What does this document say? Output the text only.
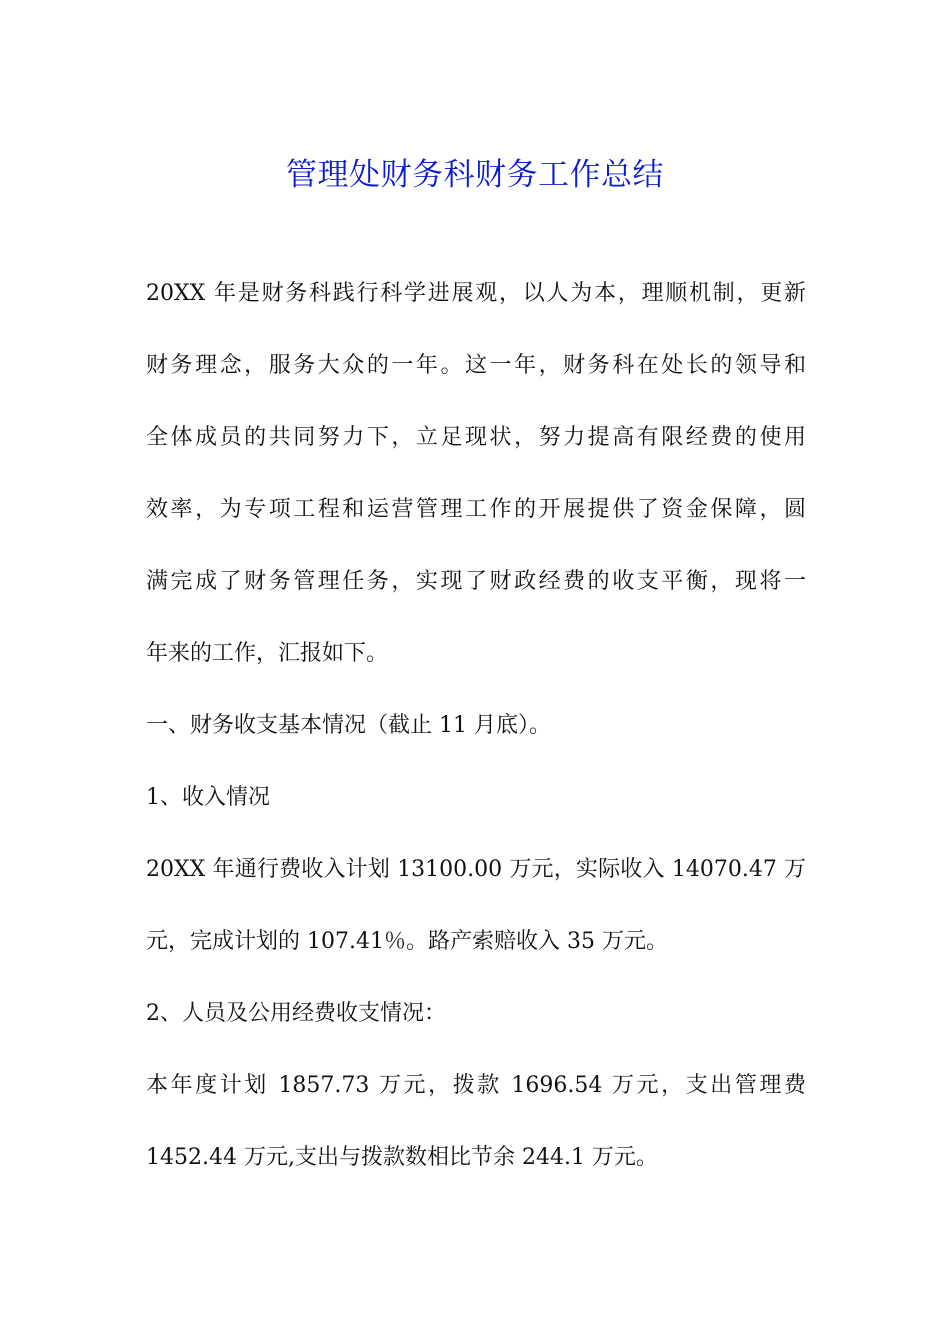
管理处财务科财务工作总结
20XX 年是财务科践行科学进展观，以人为本，理顺机制，更新
财务理念，服务大众的一年。这一年，财务科在处长的领导和
全体成员的共同努力下，立足现状，努力提高有限经费的使用
效率，为专项工程和运营管理工作的开展提供了资金保障，圆
满完成了财务管理任务，实现了财政经费的收支平衡，现将一
年来的工作，汇报如下。
一、财务收支基本情况（截止 11 月底）。
1、收入情况
20XX 年通行费收入计划 13100.00 万元，实际收入 14070.47 万
元，完成计划的 107.41％。路产索赔收入 35 万元。
2、人员及公用经费收支情况：
本年度计划 1857.73 万元，拨款 1696.54 万元，支出管理费
1452.44 万元,支出与拨款数相比节余 244.1 万元。
